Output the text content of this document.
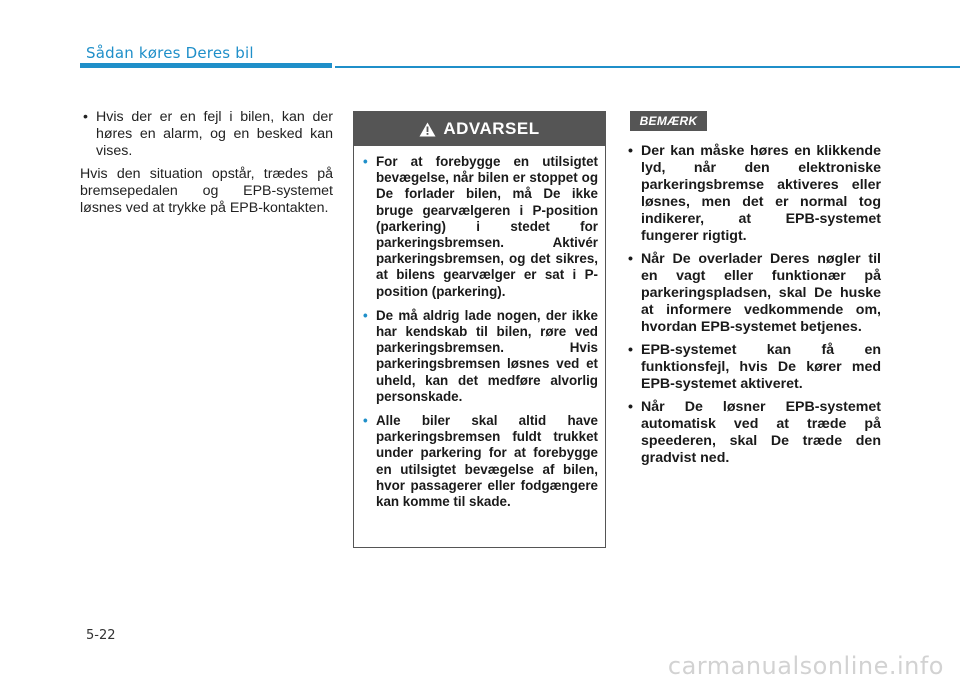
Sådan køres Deres bil
• Hvis der er en fejl i bilen, kan der høres en alarm, og en besked kan vises.

Hvis den situation opstår, trædes på bremsepedalen og EPB-systemet løsnes ved at trykke på EPB-kontakten.

ADVARSEL
• For at forebygge en utilsigtet bevægelse, når bilen er stoppet og De forlader bilen, må De ikke bruge gearvælgeren i P-position (parkering) i stedet for parkeringsbremsen. Aktivér parkeringsbremsen, og det sikres, at bilens gearvælger er sat i P-position (parkering).
• De må aldrig lade nogen, der ikke har kendskab til bilen, røre ved parkeringsbremsen. Hvis parkeringsbremsen løsnes ved et uheld, kan det medføre alvorlig personskade.
• Alle biler skal altid have parkeringsbremsen fuldt trukket under parkering for at forebygge en utilsigtet bevægelse af bilen, hvor passagerer eller fodgængere kan komme til skade.
BEMÆRK
• Der kan måske høres en klikkende lyd, når den elektroniske parkeringsbremse aktiveres eller løsnes, men det er normal tog indikerer, at EPB-systemet fungerer rigtigt.
• Når De overlader Deres nøgler til en vagt eller funktionær på parkeringspladsen, skal De huske at informere vedkommende om, hvordan EPB-systemet betjenes.
• EPB-systemet kan få en funktionsfejl, hvis De kører med EPB-systemet aktiveret.
• Når De løsner EPB-systemet automatisk ved at træde på speederen, skal De træde den gradvist ned.
5-22
carmanualsonline.info
